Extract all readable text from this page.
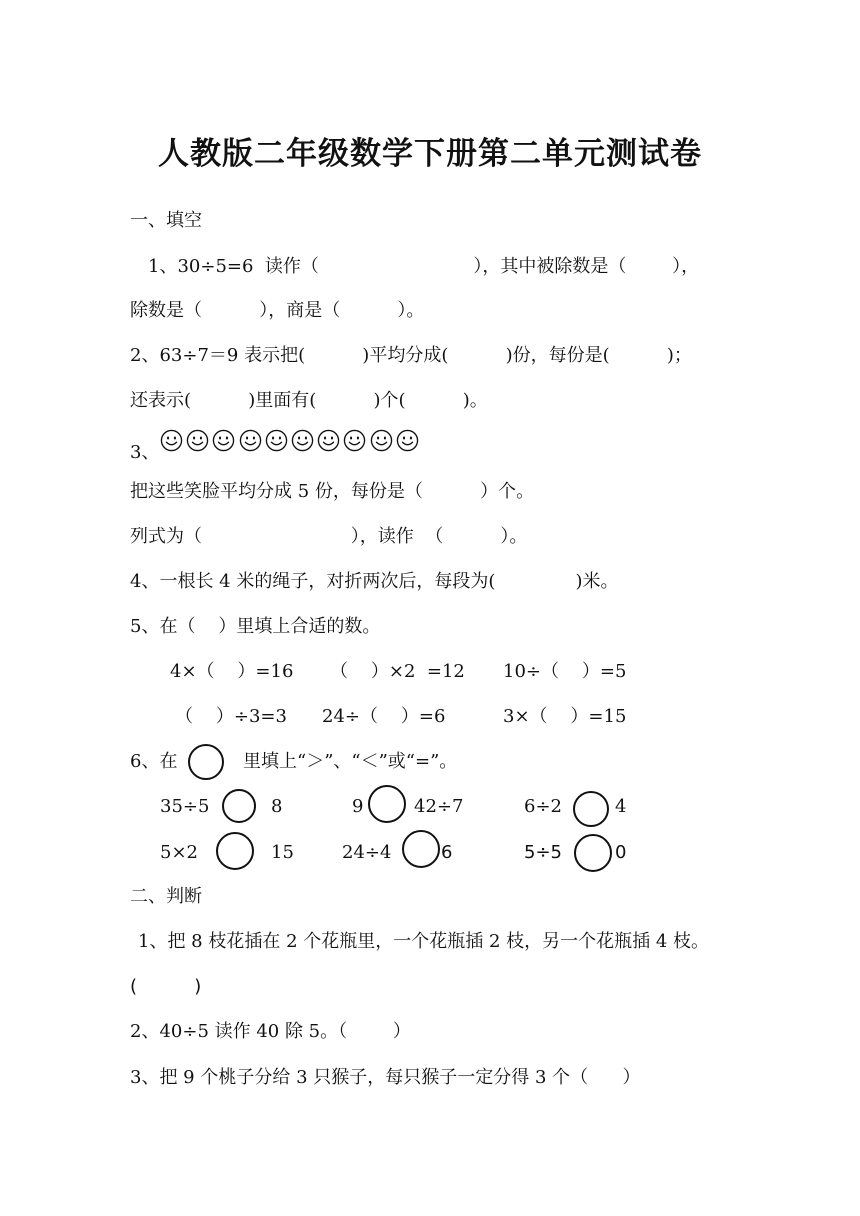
人教版二年级数学下册第二单元测试卷
一、填空
1、30÷5=6  读作（                           ），其中被除数是（        ），
除数是（          ），商是（          ）。
2、63÷7＝9 表示把(          )平均分成(          )份，每份是(          )；
还表示(          )里面有(          )个(          )。
3、
把这些笑脸平均分成 5 份，每份是（          ）个。
列式为（                          ），读作  （          ）。
4、一根长 4 米的绳子，对折两次后，每段为(              )米。
5、在（    ）里填上合适的数。
4×（    ）=16 （    ）×2  =12 10÷（    ）=5
（    ）÷3=3 24÷（    ）=6	3×（    ）=15
6、在	里填上“＞”、“＜”或“=”。
35÷5	8	9	42÷7	6÷2	4
5×2	15	24÷4	6	5÷5	0
二、判断
1、把 8 枝花插在 2 个花瓶里，一个花瓶插 2 枝，另一个花瓶插 4 枝。
(          )
2、40÷5 读作 40 除 5。（        ）
3、把 9 个桃子分给 3 只猴子，每只猴子一定分得 3 个（      ）
